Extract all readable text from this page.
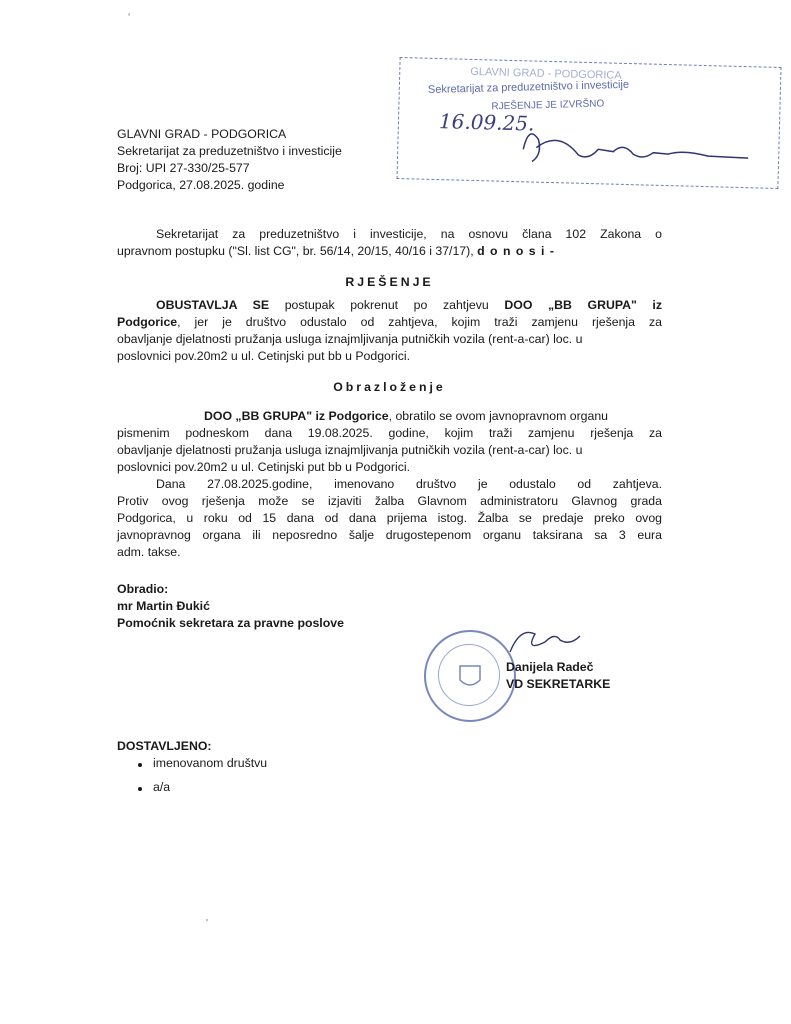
‘
'
GLAVNI GRAD - PODGORICA
Sekretarijat za preduzetništvo i investicije
RJEŠENJE JE IZVRŠNO
16.09.25.
GLAVNI GRAD - PODGORICA
Sekretarijat za preduzetništvo i investicije
Broj: UPI 27-330/25-577
Podgorica, 27.08.2025. godine
Sekretarijat za preduzetništvo i investicije, na osnovu člana 102 Zakona o
upravnom postupku ("Sl. list CG", br. 56/14, 20/15, 40/16 i 37/17), d o n o s i -
RJEŠENJE
OBUSTAVLJA SE postupak pokrenut po zahtjevu DOO „BB GRUPA" iz
Podgorice, jer je društvo odustalo od zahtjeva, kojim traži zamjenu rješenja za
obavljanje djelatnosti pružanja usluga iznajmljivanja putničkih vozila (rent-a-car) loc. u
poslovnici pov.20m2 u ul. Cetinjski put bb u Podgorici.
Obrazloženje
DOO „BB GRUPA" iz Podgorice, obratilo se ovom javnopravnom organu
pismenim podneskom dana 19.08.2025. godine, kojim traži zamjenu rješenja za
obavljanje djelatnosti pružanja usluga iznajmljivanja putničkih vozila (rent-a-car) loc. u
poslovnici pov.20m2 u ul. Cetinjski put bb u Podgorici.
Dana 27.08.2025.godine, imenovano društvo je odustalo od zahtjeva.
Protiv ovog rješenja može se izjaviti žalba Glavnom administratoru Glavnog grada
Podgorica, u roku od 15 dana od dana prijema istog. Žalba se predaje preko ovog
javnopravnog organa ili neposredno šalje drugostepenom organu taksirana sa 3 eura
adm. takse.
Obradio:
mr Martin Đukić
Pomoćnik sekretara za pravne poslove
Danijela Radeč
VD SEKRETARKE
DOSTAVLJENO:
imenovanom društvu
a/a
